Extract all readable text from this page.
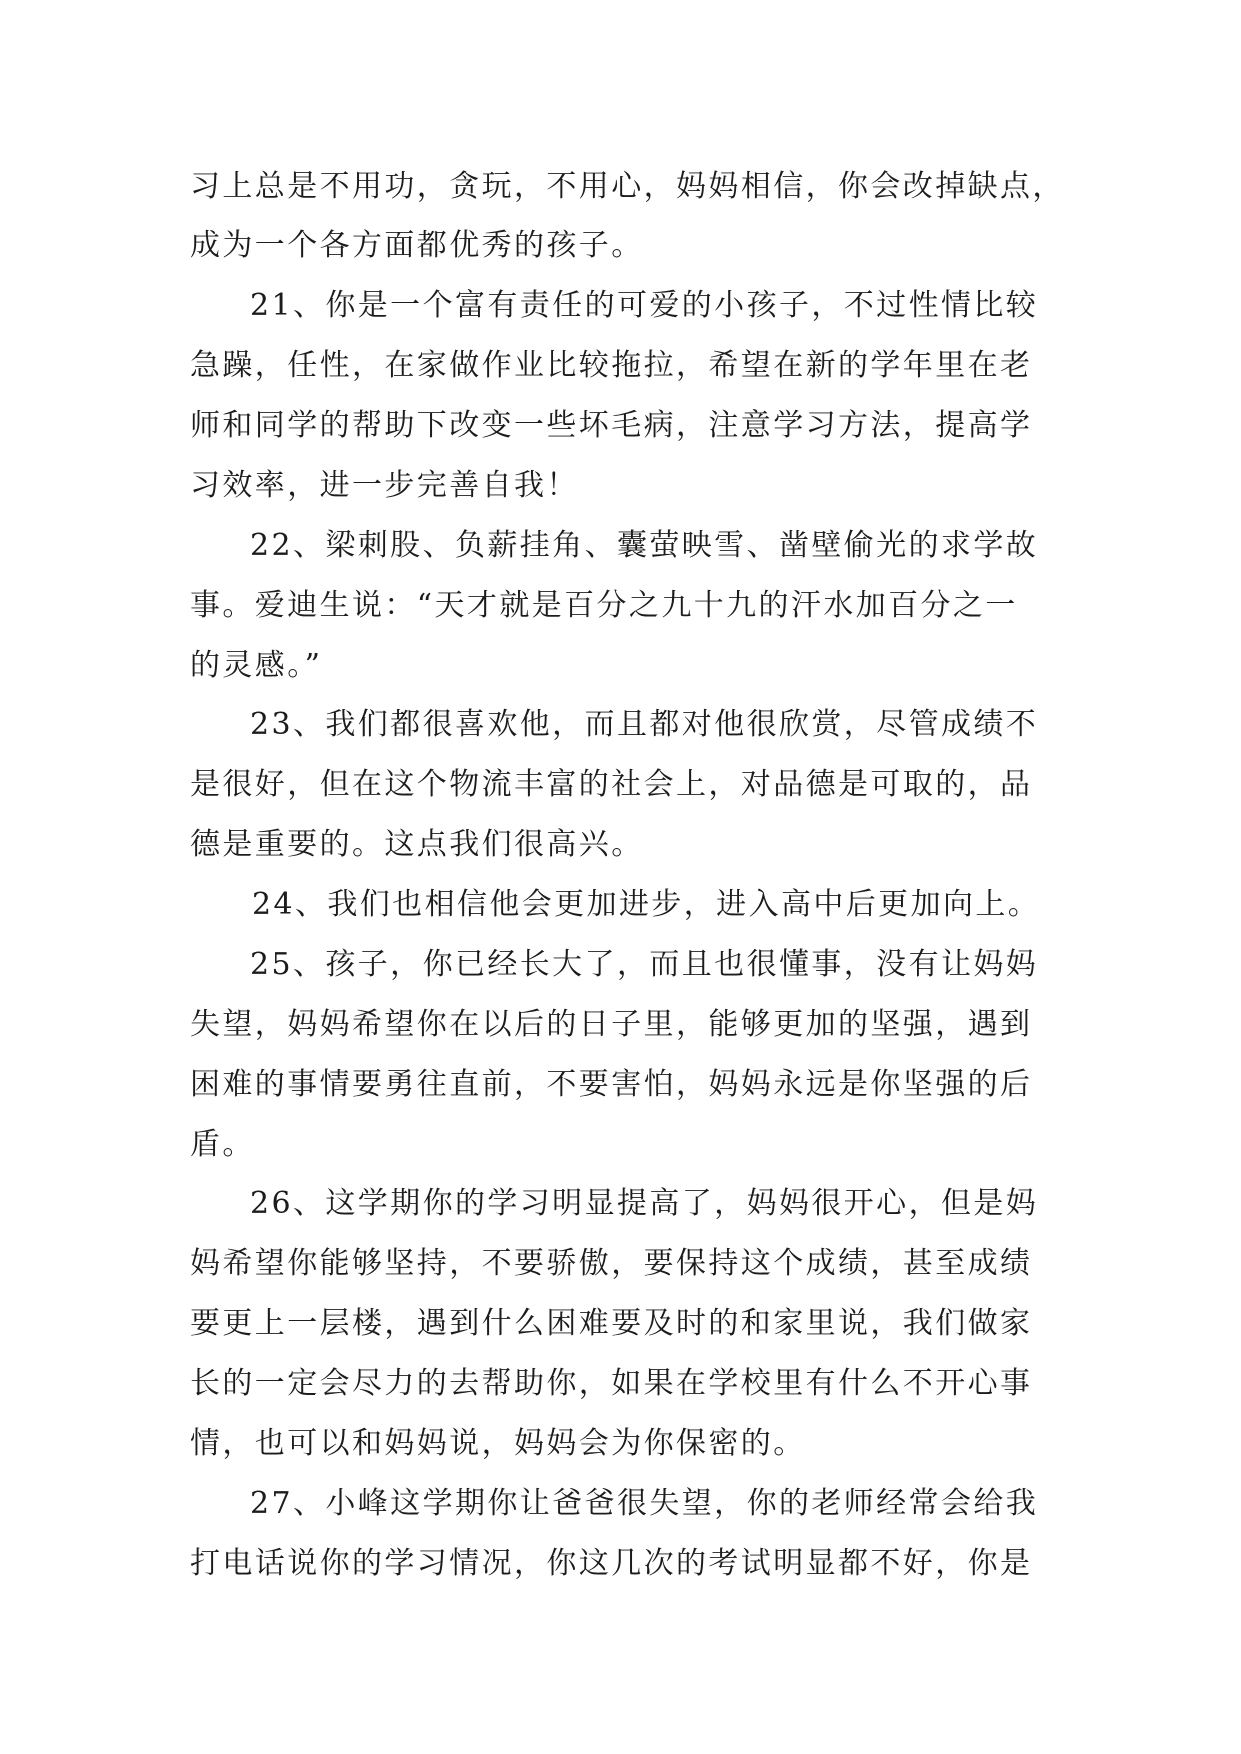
习上总是不用功，贪玩，不用心，妈妈相信，你会改掉缺点，
成为一个各方面都优秀的孩子。
21、你是一个富有责任的可爱的小孩子，不过性情比较
急躁，任性，在家做作业比较拖拉，希望在新的学年里在老
师和同学的帮助下改变一些坏毛病，注意学习方法，提高学
习效率，进一步完善自我！
22、梁刺股、负薪挂角、囊萤映雪、凿壁偷光的求学故
事。爱迪生说：“天才就是百分之九十九的汗水加百分之一
的灵感。”
23、我们都很喜欢他，而且都对他很欣赏，尽管成绩不
是很好，但在这个物流丰富的社会上，对品德是可取的，品
德是重要的。这点我们很高兴。
24、我们也相信他会更加进步，进入高中后更加向上。
25、孩子，你已经长大了，而且也很懂事，没有让妈妈
失望，妈妈希望你在以后的日子里，能够更加的坚强，遇到
困难的事情要勇往直前，不要害怕，妈妈永远是你坚强的后
盾。
26、这学期你的学习明显提高了，妈妈很开心，但是妈
妈希望你能够坚持，不要骄傲，要保持这个成绩，甚至成绩
要更上一层楼，遇到什么困难要及时的和家里说，我们做家
长的一定会尽力的去帮助你，如果在学校里有什么不开心事
情，也可以和妈妈说，妈妈会为你保密的。
27、小峰这学期你让爸爸很失望，你的老师经常会给我
打电话说你的学习情况，你这几次的考试明显都不好，你是
